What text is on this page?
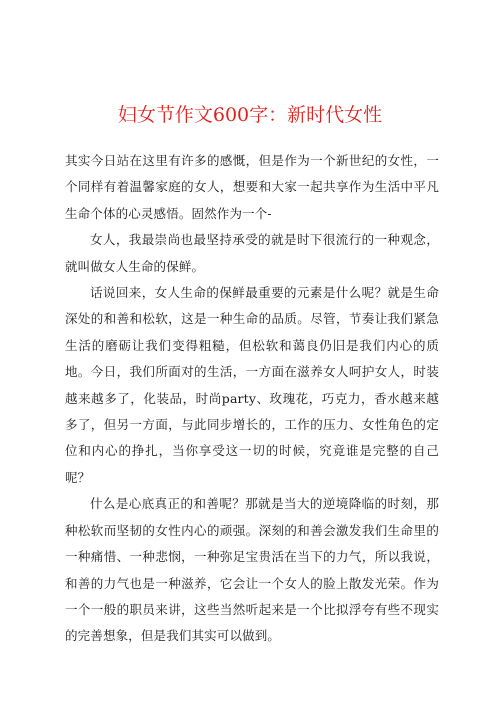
妇女节作文600字：新时代女性

其实今日站在这里有许多的感慨，但是作为一个新世纪的女性，一个同样有着温馨家庭的女人，想要和大家一起共享作为生活中平凡生命个体的心灵感悟。固然作为一个-

女人，我最崇尚也最坚持承受的就是时下很流行的一种观念，就叫做女人生命的保鲜。

话说回来，女人生命的保鲜最重要的元素是什么呢？就是生命深处的和善和松软，这是一种生命的品质。尽管，节奏让我们紧急生活的磨砺让我们变得粗糙，但松软和蔼良仍旧是我们内心的质地。今日，我们所面对的生活，一方面在滋养女人呵护女人，时装越来越多了，化装品，时尚party、玫瑰花，巧克力，香水越来越多了，但另一方面，与此同步增长的，工作的压力、女性角色的定位和内心的挣扎，当你享受这一切的时候，究竟谁是完整的自己呢？

什么是心底真正的和善呢？那就是当大的逆境降临的时刻，那种松软而坚韧的女性内心的顽强。深刻的和善会激发我们生命里的一种痛惜、一种悲悯，一种弥足宝贵活在当下的力气，所以我说，和善的力气也是一种滋养，它会让一个女人的脸上散发光荣。作为一个一般的职员来讲，这些当然听起来是一个比拟浮夸有些不现实的完善想象，但是我们其实可以做到。
